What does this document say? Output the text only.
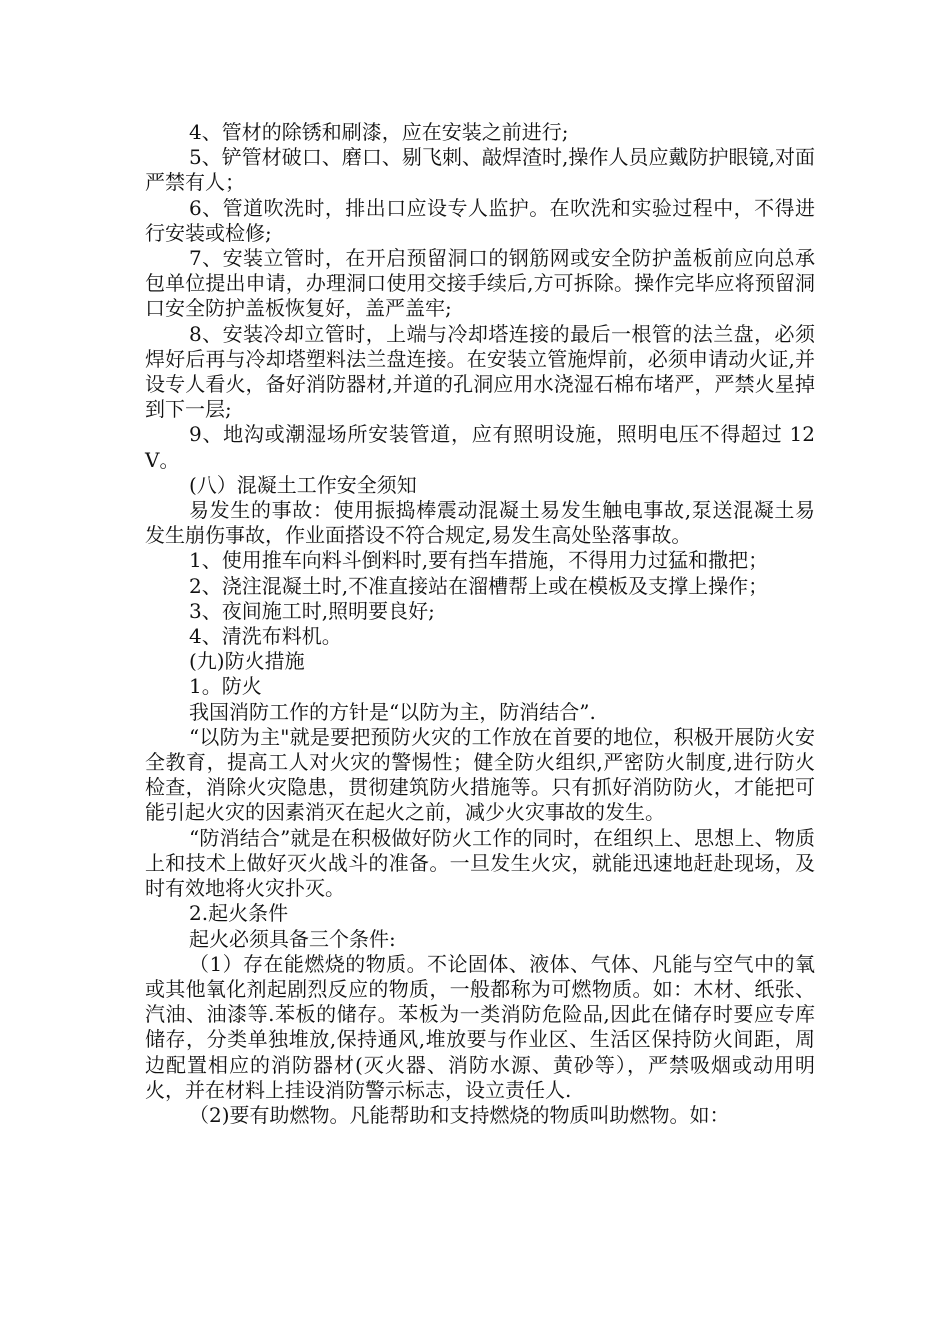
4、管材的除锈和刷漆，应在安装之前进行;

5、铲管材破口、磨口、剔飞刺、敲焊渣时,操作人员应戴防护眼镜,对面严禁有人；

6、管道吹洗时，排出口应设专人监护。在吹洗和实验过程中，不得进行安装或检修;

7、安装立管时，在开启预留洞口的钢筋网或安全防护盖板前应向总承包单位提出申请，办理洞口使用交接手续后,方可拆除。操作完毕应将预留洞口安全防护盖板恢复好，盖严盖牢;

8、安装冷却立管时，上端与冷却塔连接的最后一根管的法兰盘，必须焊好后再与冷却塔塑料法兰盘连接。在安装立管施焊前，必须申请动火证,并设专人看火，备好消防器材,并道的孔洞应用水浇湿石棉布堵严，严禁火星掉到下一层;

9、地沟或潮湿场所安装管道，应有照明设施，照明电压不得超过 12V。

(八）混凝土工作安全须知

易发生的事故：使用振捣棒震动混凝土易发生触电事故,泵送混凝土易发生崩伤事故，作业面搭设不符合规定,易发生高处坠落事故。

1、使用推车向料斗倒料时,要有挡车措施，不得用力过猛和撒把；

2、浇注混凝土时,不准直接站在溜槽帮上或在模板及支撑上操作；

3、夜间施工时,照明要良好;

4、清洗布料机。

(九)防火措施

1。防火

我国消防工作的方针是“以防为主，防消结合”.

“以防为主"就是要把预防火灾的工作放在首要的地位，积极开展防火安全教育，提高工人对火灾的警惕性；健全防火组织,严密防火制度,进行防火检查，消除火灾隐患，贯彻建筑防火措施等。只有抓好消防防火，才能把可能引起火灾的因素消灭在起火之前，减少火灾事故的发生。

“防消结合”就是在积极做好防火工作的同时，在组织上、思想上、物质上和技术上做好灭火战斗的准备。一旦发生火灾，就能迅速地赶赴现场，及时有效地将火灾扑灭。

2.起火条件

起火必须具备三个条件:

（1）存在能燃烧的物质。不论固体、液体、气体、凡能与空气中的氧或其他氧化剂起剧烈反应的物质，一般都称为可燃物质。如：木材、纸张、汽油、油漆等.苯板的储存。苯板为一类消防危险品,因此在储存时要应专库储存，分类单独堆放,保持通风,堆放要与作业区、生活区保持防火间距，周边配置相应的消防器材(灭火器、消防水源、黄砂等），严禁吸烟或动用明火，并在材料上挂设消防警示标志，设立责任人.

（2)要有助燃物。凡能帮助和支持燃烧的物质叫助燃物。如：
